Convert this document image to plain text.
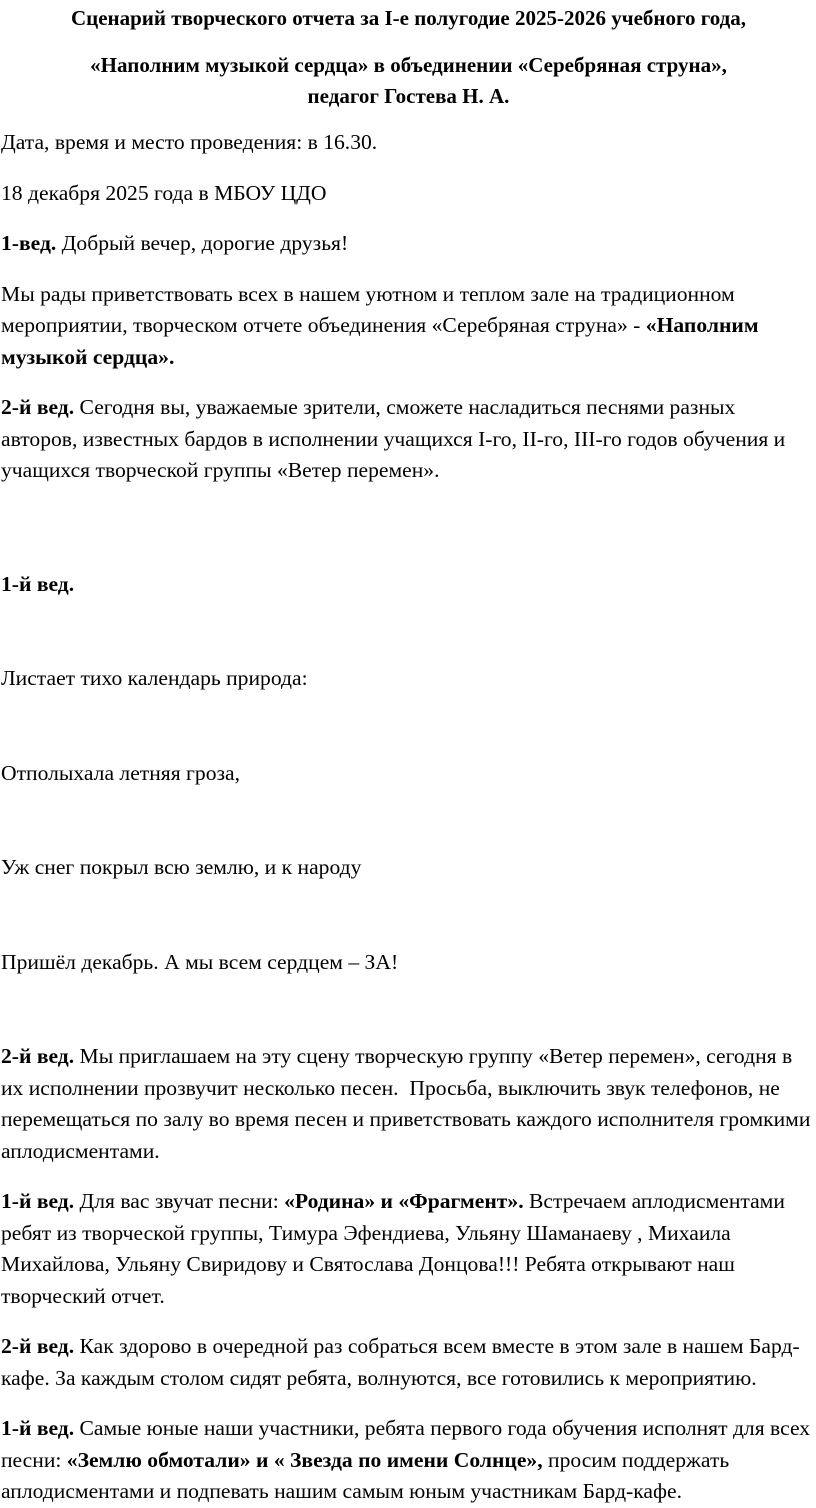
Сценарий творческого отчета за I-е полугодие 2025-2026 учебного года,

«Наполним музыкой сердца» в объединении «Серебряная струна»,

педагог Гостева Н. А.

Дата, время и место проведения: в 16.30.

18 декабря 2025 года в МБОУ ЦДО

1-вед. Добрый вечер, дорогие друзья!

Мы рады приветствовать всех в нашем уютном и теплом зале на традиционном мероприятии, творческом отчете объединения «Серебряная струна» - «Наполним музыкой сердца».

2-й вед. Сегодня вы, уважаемые зрители, сможете насладиться песнями разных авторов, известных бардов в исполнении учащихся I-го, II-го, III-го годов обучения и учащихся творческой группы «Ветер перемен».

1-й вед.

Листает тихо календарь природа:

Отполыхала летняя гроза,

Уж снег покрыл всю землю, и к народу

Пришёл декабрь. А мы всем сердцем – ЗА!

2-й вед. Мы приглашаем на эту сцену творческую группу «Ветер перемен», сегодня в их исполнении прозвучит несколько песен.  Просьба, выключить звук телефонов, не перемещаться по залу во время песен и приветствовать каждого исполнителя громкими аплодисментами.

1-й вед. Для вас звучат песни: «Родина» и «Фрагмент». Встречаем аплодисментами ребят из творческой группы, Тимура Эфендиева, Ульяну Шаманаеву , Михаила Михайлова, Ульяну Свиридову и Святослава Донцова!!! Ребята открывают наш творческий отчет.

2-й вед. Как здорово в очередной раз собраться всем вместе в этом зале в нашем Бард-кафе. За каждым столом сидят ребята, волнуются, все готовились к мероприятию.

1-й вед. Самые юные наши участники, ребята первого года обучения исполнят для всех песни: «Землю обмотали» и « Звезда по имени Солнце», просим поддержать аплодисментами и подпевать нашим самым юным участникам Бард-кафе.
